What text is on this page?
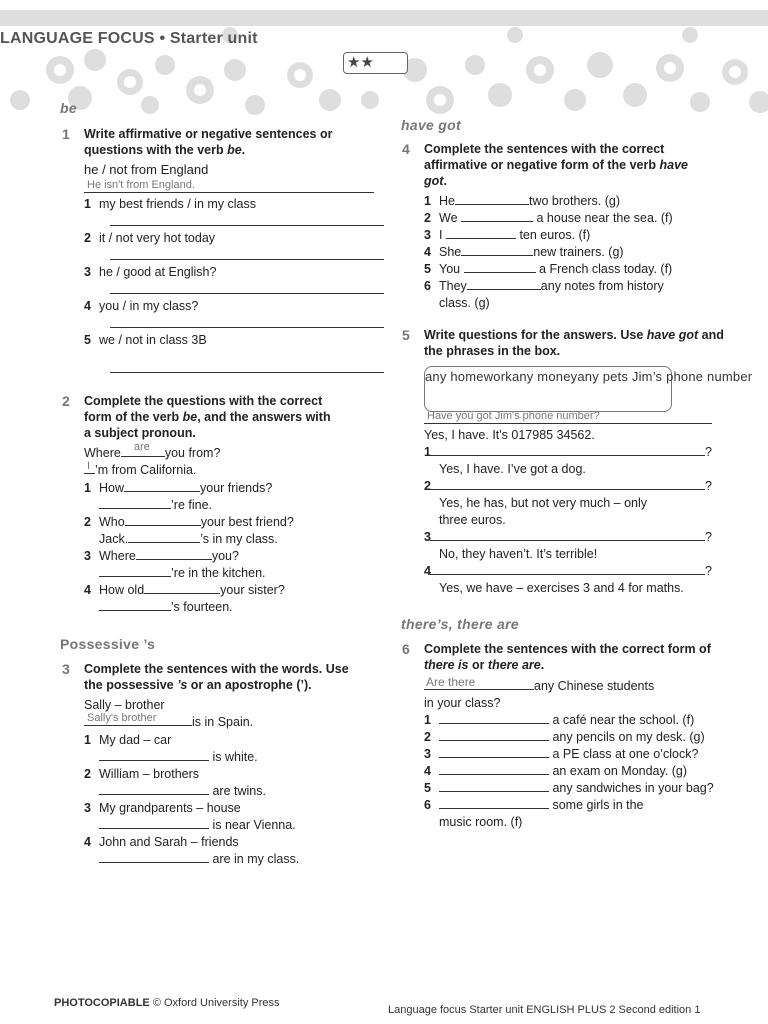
LANGUAGE FOCUS • Starter unit
★★
be
1 Write affirmative or negative sentences or questions with the verb be.
he / not from England
He isn't from England.
1 my best friends / in my class
2 it / not very hot today
3 he / good at English?
4 you / in my class?
5 we / not in class 3B
2 Complete the questions with the correct form of the verb be, and the answers with a subject pronoun.
Where are you from?
I ’m from California.
1 How	your friends?
’re fine.
2 Who	your best friend?
Jack.	’s in my class.
3 Where	you?
’re in the kitchen.
4 How old	your sister?
’s fourteen.
Possessive ’s
3 Complete the sentences with the words. Use the possessive ’s or an apostrophe (’).
Sally – brother
Sally's brother	is in Spain.
1 My dad – car
is white.
2 William – brothers
are twins.
3 My grandparents – house
is near Vienna.
4 John and Sarah – friends
are in my class.
have got
4 Complete the sentences with the correct affirmative or negative form of the verb have got.
1 He	two brothers. (g)
2 We	a house near the sea. (f)
3 I	ten euros. (f)
4 She	new trainers. (g)
5 You	a French class today. (f)
6 They	any notes from history
class. (g)
5 Write questions for the answers. Use have got and the phrases in the box.
any homeworkany moneyany pets Jim’s phone number
Have you got Jim's phone number?
Yes, I have. It's 017985 34562.
1	?
Yes, I have. I’ve got a dog.
2	?
Yes, he has, but not very much – only
three euros.
3	?
No, they haven’t. It’s terrible!
4	?
Yes, we have – exercises 3 and 4 for maths.
there’s, there are
6 Complete the sentences with the correct form of there is or there are.
Are there	any Chinese students
in your class?
1	a café near the school. (f)
2	any pencils on my desk. (g)
3	a PE class at one o’clock?
4	an exam on Monday. (g)
5	any sandwiches in your bag?
6	some girls in the
music room. (f)
PHOTOCOPIABLE © Oxford University Press
Language focus Starter unit ENGLISH PLUS 2 Second edition 1
